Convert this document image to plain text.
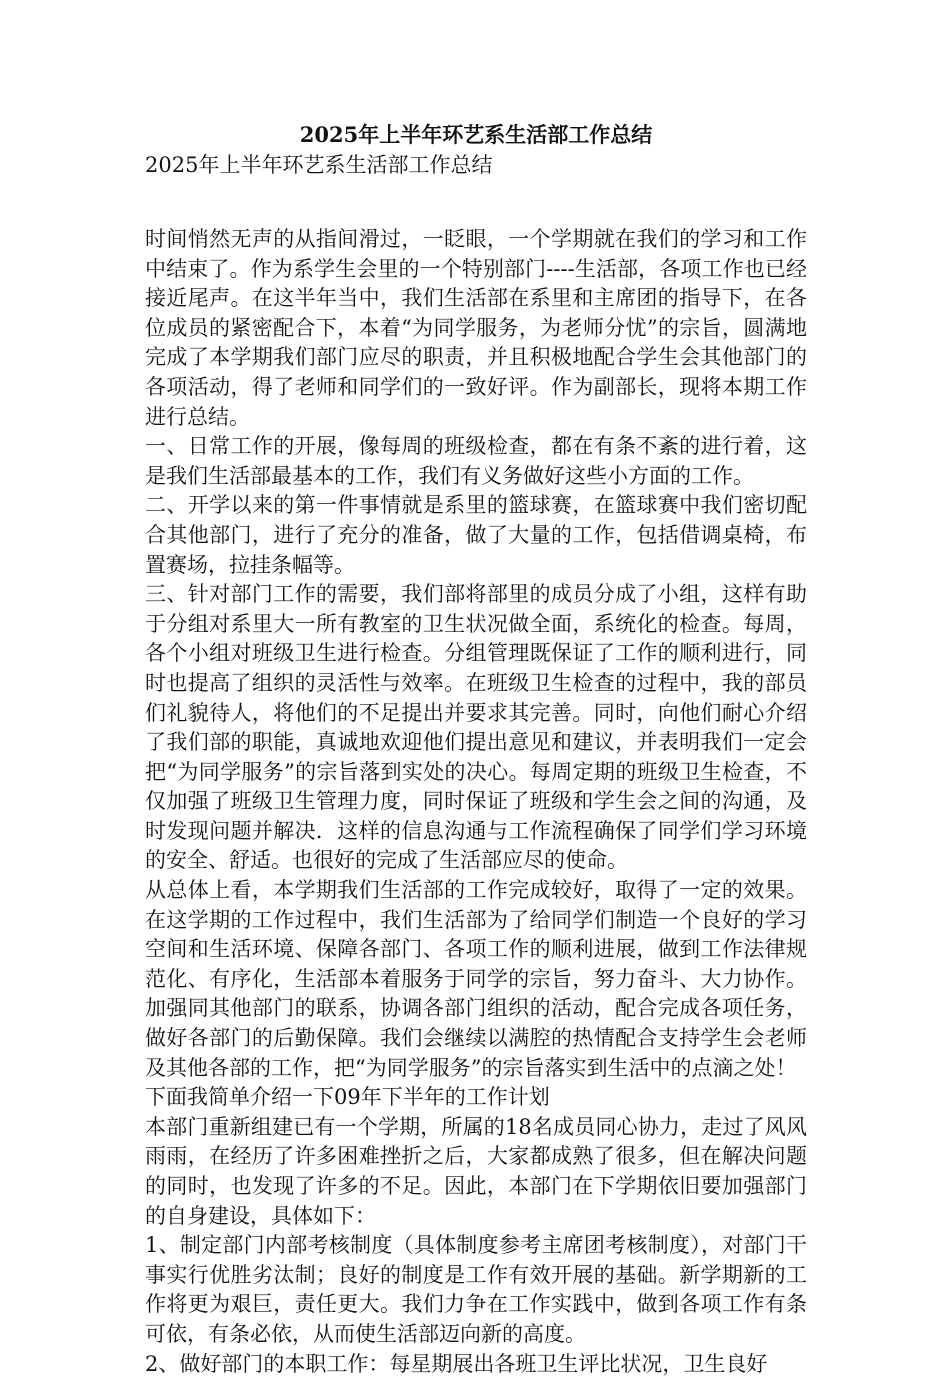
2025年上半年环艺系生活部工作总结

2025年上半年环艺系生活部工作总结

时间悄然无声的从指间滑过，一眨眼，一个学期就在我们的学习和工作中结束了。作为系学生会里的一个特别部门----生活部，各项工作也已经接近尾声。在这半年当中，我们生活部在系里和主席团的指导下，在各位成员的紧密配合下，本着“为同学服务，为老师分忧”的宗旨，圆满地完成了本学期我们部门应尽的职责，并且积极地配合学生会其他部门的各项活动，得了老师和同学们的一致好评。作为副部长，现将本期工作进行总结。

一、日常工作的开展，像每周的班级检查，都在有条不紊的进行着，这是我们生活部最基本的工作，我们有义务做好这些小方面的工作。

二、开学以来的第一件事情就是系里的篮球赛，在篮球赛中我们密切配合其他部门，进行了充分的准备，做了大量的工作，包括借调桌椅，布置赛场，拉挂条幅等。

三、针对部门工作的需要，我们部将部里的成员分成了小组，这样有助于分组对系里大一所有教室的卫生状况做全面，系统化的检查。每周，各个小组对班级卫生进行检查。分组管理既保证了工作的顺利进行，同时也提高了组织的灵活性与效率。在班级卫生检查的过程中，我的部员们礼貌待人，将他们的不足提出并要求其完善。同时，向他们耐心介绍了我们部的职能，真诚地欢迎他们提出意见和建议，并表明我们一定会把“为同学服务”的宗旨落到实处的决心。每周定期的班级卫生检查，不仅加强了班级卫生管理力度，同时保证了班级和学生会之间的沟通，及时发现问题并解决．这样的信息沟通与工作流程确保了同学们学习环境的安全、舒适。也很好的完成了生活部应尽的使命。

从总体上看，本学期我们生活部的工作完成较好，取得了一定的效果。在这学期的工作过程中，我们生活部为了给同学们制造一个良好的学习空间和生活环境、保障各部门、各项工作的顺利进展，做到工作法律规范化、有序化，生活部本着服务于同学的宗旨，努力奋斗、大力协作。加强同其他部门的联系，协调各部门组织的活动，配合完成各项任务，做好各部门的后勤保障。我们会继续以满腔的热情配合支持学生会老师及其他各部的工作，把“为同学服务”的宗旨落实到生活中的点滴之处！

下面我简单介绍一下09年下半年的工作计划

本部门重新组建已有一个学期，所属的18名成员同心协力，走过了风风雨雨，在经历了许多困难挫折之后，大家都成熟了很多，但在解决问题的同时，也发现了许多的不足。因此，本部门在下学期依旧要加强部门的自身建设，具体如下：

1、制定部门内部考核制度（具体制度参考主席团考核制度），对部门干事实行优胜劣汰制；良好的制度是工作有效开展的基础。新学期新的工作将更为艰巨，责任更大。我们力争在工作实践中，做到各项工作有条可依，有条必依，从而使生活部迈向新的高度。

2、做好部门的本职工作：每星期展出各班卫生评比状况，卫生良好
